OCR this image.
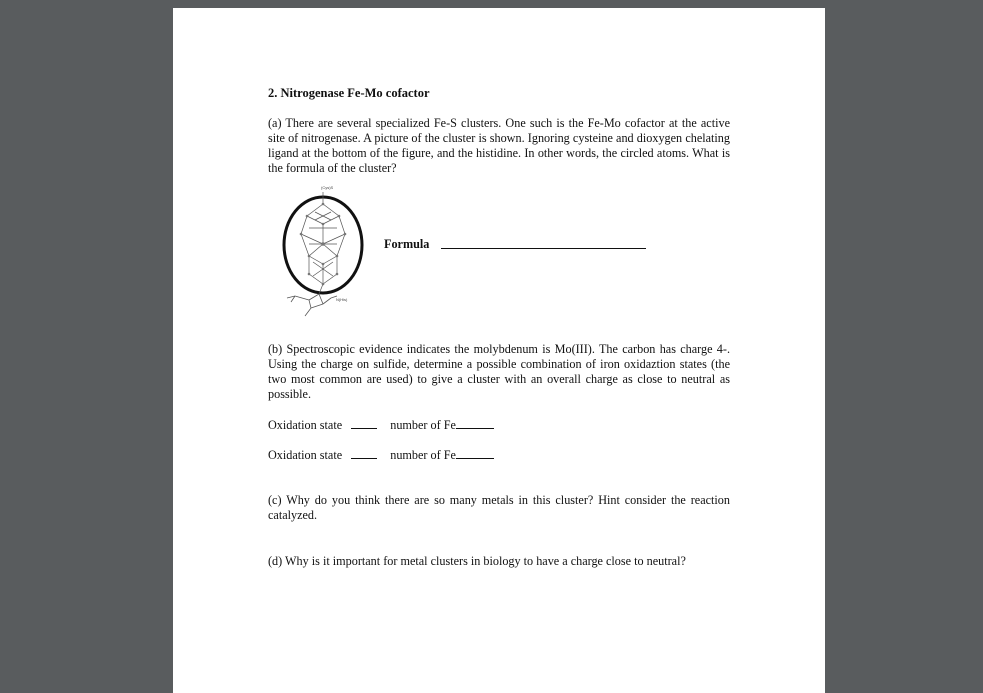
2. Nitrogenase Fe-Mo cofactor

(a) There are several specialized Fe-S clusters. One such is the Fe-Mo cofactor at the active site of nitrogenase. A picture of the cluster is shown. Ignoring cysteine and dioxygen chelating ligand at the bottom of the figure, and the histidine. In other words, the circled atoms. What is the formula of the cluster?

(Cys)S
N(His)

Formula

(b) Spectroscopic evidence indicates the molybdenum is Mo(III). The carbon has charge 4-. Using the charge on sulfide, determine a possible combination of iron oxidaztion states (the two most common are used) to give a cluster with an overall charge as close to neutral as possible.

Oxidation state	number of Fe

Oxidation state	number of Fe

(c) Why do you think there are so many metals in this cluster? Hint consider the reaction catalyzed.

(d) Why is it important for metal clusters in biology to have a charge close to neutral?
